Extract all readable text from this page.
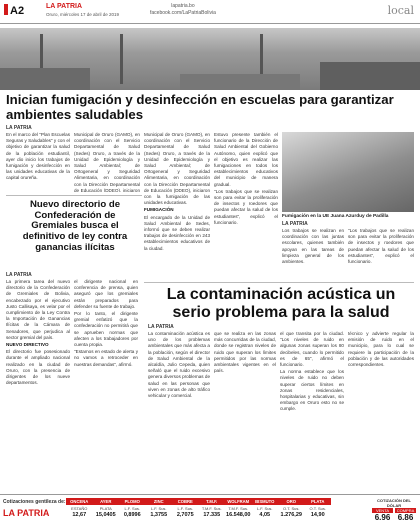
A2	LA PATRIA
Oruro, miércoles 17 de abril de 2019
lapatria.bo
facebook.com/LaPatriaBolivia	local
Inician fumigación y desinfección en escuelas para garantizar ambientes saludables
LA PATRIA

En el marco del "Plan Escuelas Seguras y Saludables" y con el objetivo de garantizar la salud de la población estudiantil, ayer dio inicio los trabajos de fumigación y desinfección en las unidades educativas de la capital orureña.

Municipal de Oruro (GAMO), en coordinación con el Servicio Departamental de Salud (Sedes) Oruro, a través de la Unidad de Epidemiología y Salud Ambiental; de Ortogeneral y Seguridad Alimentaria, en coordinación con la Dirección Departamental de Educación (DDEO), iniciaron

Municipal de Oruro (GAMO), en coordinación con el Servicio Departamental de Salud (Sedes) Oruro, a través de la Unidad de Epidemiología y Salud Ambiental; de Ortogeneral y Seguridad Alimentaria, en coordinación con la Dirección Departamental de Educación (DDEO), iniciaron con la fumigación de las unidades educativas.

FUMIGACIÓN

El encargado de la Unidad de Salud Ambiental de Sedes, informó que se deben realizar trabajos de desinfección en 243 establecimientos educativos de la ciudad.

Estuvo presente también el funcionario de la Dirección de Salud Ambiental del Gobierno Autónomo, quien explicó que el objetivo es realizar las fumigaciones en todos los establecimientos educativos del municipio de manera gradual.

"Los trabajos que se realizan son para evitar la proliferación de insectos y roedores que puedan afectar la salud de los estudiantes", explicó el funcionario.

Fumigación en la UE Juana Azurduy de Padilla
LA PATRIA

Los trabajos se realizan en coordinación con las juntas escolares, quienes también apoyan en las tareas de limpieza general de los ambientes.

"Los trabajos que se realizan son para evitar la proliferación de insectos y roedores que puedan afectar la salud de los estudiantes", explicó el funcionario.

Nuevo directorio de Confederación de Gremiales busca el definitivo de ley contra ganancias ilícitas
LA PATRIA

La primera tarea del nuevo directorio de la Confederación de Gremiales de Bolivia, encabezado por el ejecutivo Justo Callisaya, es velar por el cumplimiento de la Ley Contra la Importación de Ganancias Ilícitas de la Cámara de Senadores, que perjudica al sector gremial del país.

NUEVO DIRECTIVO

El directorio fue posesionado durante el ampliado nacional realizado en la ciudad de Oruro, con la presencia de dirigentes de los nueve departamentos.

el dirigente nacional en conferencia de prensa, quien aseguró que los gremiales están preparados para defender su fuente de trabajo.

Por lo tanto, el dirigente gremial enfatizó que la confederación no permitirá que se aprueben normas que afecten a los trabajadores por cuenta propia.

"Estamos en estado de alerta y no vamos a retroceder en nuestras demandas", afirmó.

La contaminación acústica un serio problema para la salud
LA PATRIA

La contaminación acústica es uno de los problemas ambientales que más afecta a la población, según el director de Salud Ambiental de la alcaldía, Julio Cepeda, quien señaló que el ruido excesivo genera diversos problemas de salud en las personas que viven en zonas de alto tráfico vehicular y comercial.

que se realiza en las zonas más concurridas de la ciudad, donde se registran niveles de ruido que superan los límites permitidos por las normas ambientales vigentes en el país.

el que transita por la ciudad. "Los niveles de ruido en algunas zonas superan los 80 decibeles, cuando lo permitido es de 65", afirmó el funcionario.

La norma establece que los niveles de ruido no deben superar ciertos límites en zonas residenciales, hospitalarias y educativas, sin embargo en Oruro esto no se cumple.

técnico y advierte regular la emisión de ruido en el municipio, para lo cual se requiere la participación de la población y de las autoridades correspondientes.

Cotizaciones gentileza de:
LA PATRIA
ONCENA
ESTAÑO
12,67
AYER
PLATA
15,0405
PLOMO
L.F. Sus.
0,8996
ZINC
L.F. Sus.
1,3755
COBRE
L.F. Sus.
2,7075
T.M.F.
T.M.F. Sus.
17.335
WOLFRAM
T.M.F. Sus.
16.548,00
BISMUTO
L.F. Sus.
4,05
ORO
O.T. Sus.
1.276,29
PLATA
O.T. Sus.
14,90
COTIZACIÓN DEL DÓLAR
VENTA
6.96
COMPRA
6.86
